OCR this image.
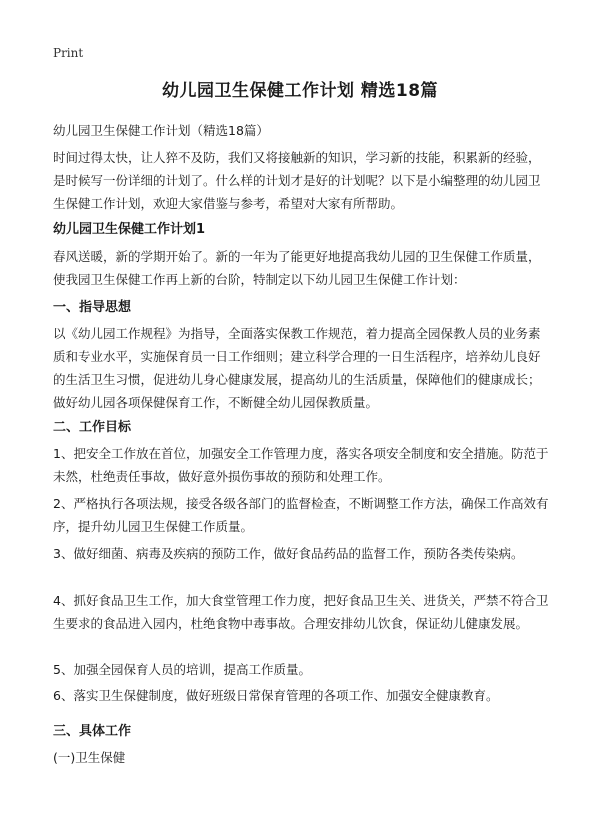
Print
幼儿园卫生保健工作计划 精选18篇

幼儿园卫生保健工作计划（精选18篇）

时间过得太快，让人猝不及防，我们又将接触新的知识，学习新的技能，积累新的经验，是时候写一份详细的计划了。什么样的计划才是好的计划呢？以下是小编整理的幼儿园卫生保健工作计划，欢迎大家借鉴与参考，希望对大家有所帮助。

幼儿园卫生保健工作计划1

春风送暖，新的学期开始了。新的一年为了能更好地提高我幼儿园的卫生保健工作质量，使我园卫生保健工作再上新的台阶，特制定以下幼儿园卫生保健工作计划：

一、指导思想

以《幼儿园工作规程》为指导，全面落实保教工作规范，着力提高全园保教人员的业务素质和专业水平，实施保育员一日工作细则；建立科学合理的一日生活程序，培养幼儿良好的生活卫生习惯，促进幼儿身心健康发展，提高幼儿的生活质量，保障他们的健康成长；做好幼儿园各项保健保育工作，不断健全幼儿园保教质量。

二、工作目标

1、把安全工作放在首位，加强安全工作管理力度，落实各项安全制度和安全措施。防范于未然，杜绝责任事故，做好意外损伤事故的预防和处理工作。

2、严格执行各项法规，接受各级各部门的监督检查，不断调整工作方法，确保工作高效有序，提升幼儿园卫生保健工作质量。

3、做好细菌、病毒及疾病的预防工作，做好食品药品的监督工作，预防各类传染病。

4、抓好食品卫生工作，加大食堂管理工作力度，把好食品卫生关、进货关，严禁不符合卫生要求的食品进入园内，杜绝食物中毒事故。合理安排幼儿饮食，保证幼儿健康发展。

5、加强全园保育人员的培训，提高工作质量。

6、落实卫生保健制度，做好班级日常保育管理的各项工作、加强安全健康教育。

三、具体工作

(一)卫生保健
